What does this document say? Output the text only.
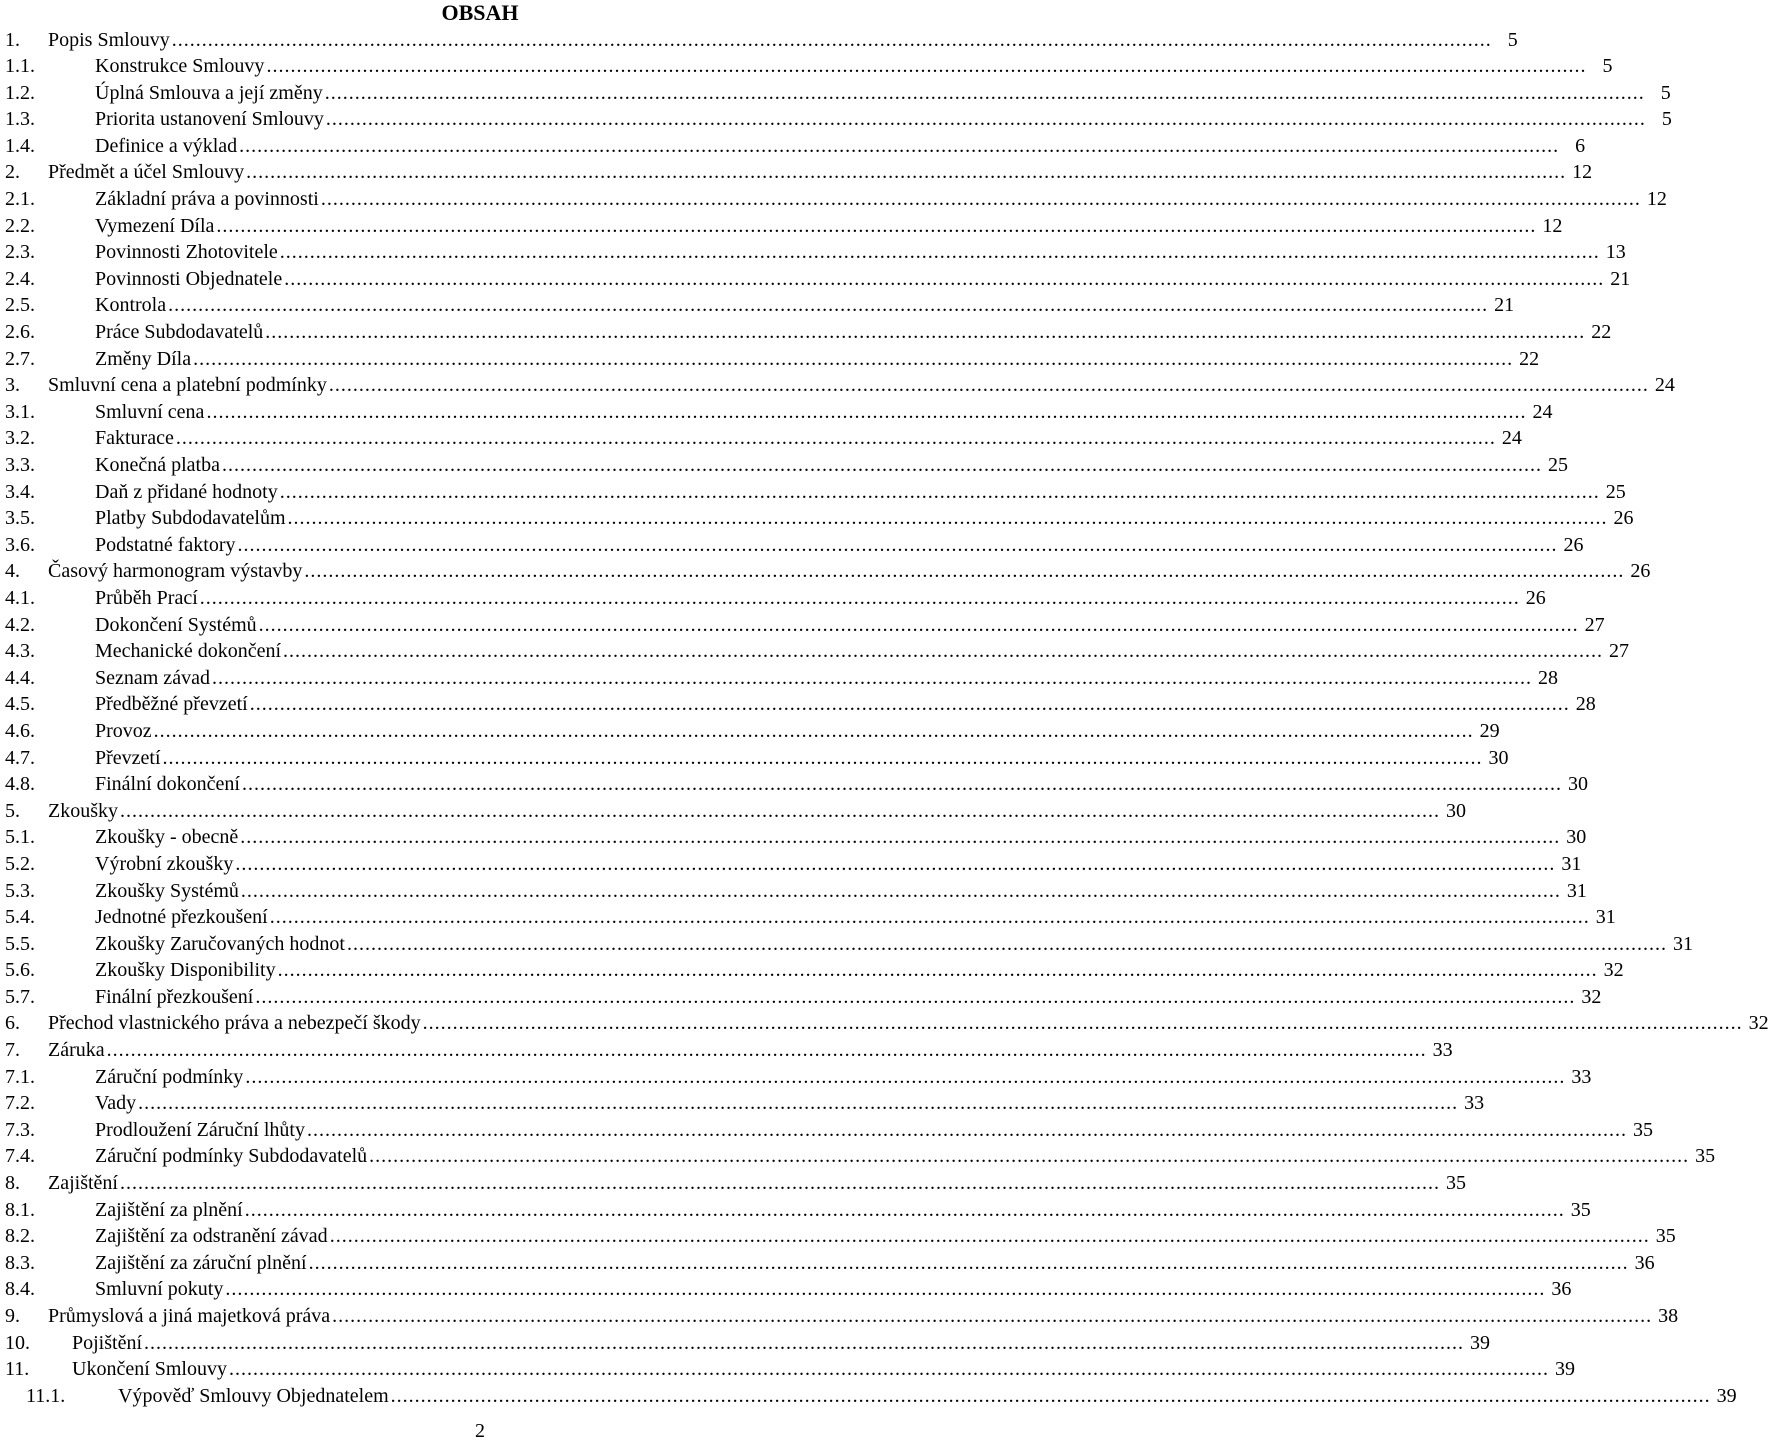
OBSAH
1. Popis Smlouvy ............................................................................................................................................................................................................................ 5
1.1.	Konstrukce Smlouvy ............................................................................................................................................................................................................................ 5
1.2.	Úplná Smlouva a její změny ............................................................................................................................................................................................................................ 5
1.3.	Priorita ustanovení Smlouvy ............................................................................................................................................................................................................................ 5
1.4.	Definice a výklad ............................................................................................................................................................................................................................ 6
2. Předmět a účel Smlouvy ............................................................................................................................................................................................................................ 12
2.1.	Základní práva a povinnosti ............................................................................................................................................................................................................................ 12
2.2.	Vymezení Díla ............................................................................................................................................................................................................................ 12
2.3.	Povinnosti Zhotovitele ............................................................................................................................................................................................................................ 13
2.4.	Povinnosti Objednatele ............................................................................................................................................................................................................................ 21
2.5.	Kontrola ............................................................................................................................................................................................................................ 21
2.6.	Práce Subdodavatelů ............................................................................................................................................................................................................................ 22
2.7.	Změny Díla ............................................................................................................................................................................................................................ 22
3. Smluvní cena a platební podmínky ............................................................................................................................................................................................................................ 24
3.1.	Smluvní cena ............................................................................................................................................................................................................................ 24
3.2.	Fakturace ............................................................................................................................................................................................................................ 24
3.3.	Konečná platba ............................................................................................................................................................................................................................ 25
3.4.	Daň z přidané hodnoty ............................................................................................................................................................................................................................ 25
3.5.	Platby Subdodavatelům ............................................................................................................................................................................................................................ 26
3.6.	Podstatné faktory ............................................................................................................................................................................................................................ 26
4. Časový harmonogram výstavby ............................................................................................................................................................................................................................ 26
4.1.	Průběh Prací ............................................................................................................................................................................................................................ 26
4.2.	Dokončení Systémů ............................................................................................................................................................................................................................ 27
4.3.	Mechanické dokončení ............................................................................................................................................................................................................................ 27
4.4.	Seznam závad ............................................................................................................................................................................................................................ 28
4.5.	Předběžné převzetí ............................................................................................................................................................................................................................ 28
4.6.	Provoz ............................................................................................................................................................................................................................ 29
4.7.	Převzetí ............................................................................................................................................................................................................................ 30
4.8.	Finální dokončení ............................................................................................................................................................................................................................ 30
5. Zkoušky ............................................................................................................................................................................................................................ 30
5.1.	Zkoušky - obecně ............................................................................................................................................................................................................................ 30
5.2.	Výrobní zkoušky ............................................................................................................................................................................................................................ 31
5.3.	Zkoušky Systémů ............................................................................................................................................................................................................................ 31
5.4.	Jednotné přezkoušení ............................................................................................................................................................................................................................ 31
5.5.	Zkoušky Zaručovaných hodnot ............................................................................................................................................................................................................................ 31
5.6.	Zkoušky Disponibility ............................................................................................................................................................................................................................ 32
5.7.	Finální přezkoušení ............................................................................................................................................................................................................................ 32
6. Přechod vlastnického práva a nebezpečí škody ............................................................................................................................................................................................................................ 32
7. Záruka ............................................................................................................................................................................................................................ 33
7.1.	Záruční podmínky ............................................................................................................................................................................................................................ 33
7.2.	Vady ............................................................................................................................................................................................................................ 33
7.3.	Prodloužení Záruční lhůty ............................................................................................................................................................................................................................ 35
7.4.	Záruční podmínky Subdodavatelů ............................................................................................................................................................................................................................ 35
8. Zajištění ............................................................................................................................................................................................................................ 35
8.1.	Zajištění za plnění ............................................................................................................................................................................................................................ 35
8.2.	Zajištění za odstranění závad ............................................................................................................................................................................................................................ 35
8.3.	Zajištění za záruční plnění ............................................................................................................................................................................................................................ 36
8.4.	Smluvní pokuty ............................................................................................................................................................................................................................ 36
9. Průmyslová a jiná majetková práva ............................................................................................................................................................................................................................ 38
10. Pojištění ............................................................................................................................................................................................................................ 39
11. Ukončení Smlouvy ............................................................................................................................................................................................................................ 39
11.1.	Výpověď Smlouvy Objednatelem ............................................................................................................................................................................................................................ 39
2
